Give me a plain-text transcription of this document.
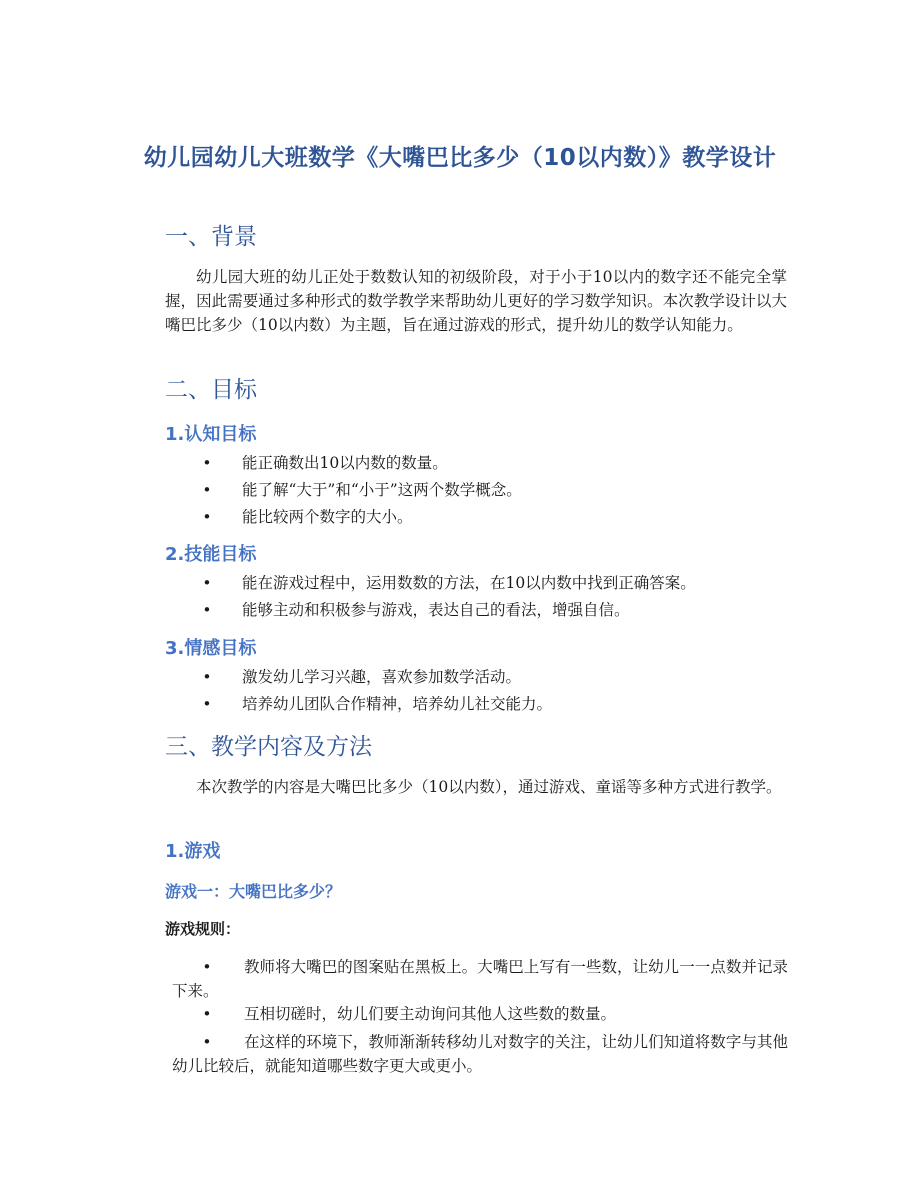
幼儿园幼儿大班数学《大嘴巴比多少（10以内数）》教学设计
一、背景

幼儿园大班的幼儿正处于数数认知的初级阶段，对于小于10以内的数字还不能完全掌握，因此需要通过多种形式的数学教学来帮助幼儿更好的学习数学知识。本次教学设计以大嘴巴比多少（10以内数）为主题，旨在通过游戏的形式，提升幼儿的数学认知能力。

二、目标
1.认知目标
• 能正确数出10以内数的数量。
• 能了解“大于”和“小于”这两个数学概念。
• 能比较两个数字的大小。
2.技能目标
• 能在游戏过程中，运用数数的方法，在10以内数中找到正确答案。
• 能够主动和积极参与游戏，表达自己的看法，增强自信。
3.情感目标
• 激发幼儿学习兴趣，喜欢参加数学活动。
• 培养幼儿团队合作精神，培养幼儿社交能力。
三、教学内容及方法

本次教学的内容是大嘴巴比多少（10以内数），通过游戏、童谣等多种方式进行教学。

1.游戏
游戏一：大嘴巴比多少？
游戏规则：
• 教师将大嘴巴的图案贴在黑板上。大嘴巴上写有一些数，让幼儿一一点数并记录下来。
• 互相切磋时，幼儿们要主动询问其他人这些数的数量。
• 在这样的环境下，教师渐渐转移幼儿对数字的关注，让幼儿们知道将数字与其他幼儿比较后，就能知道哪些数字更大或更小。
